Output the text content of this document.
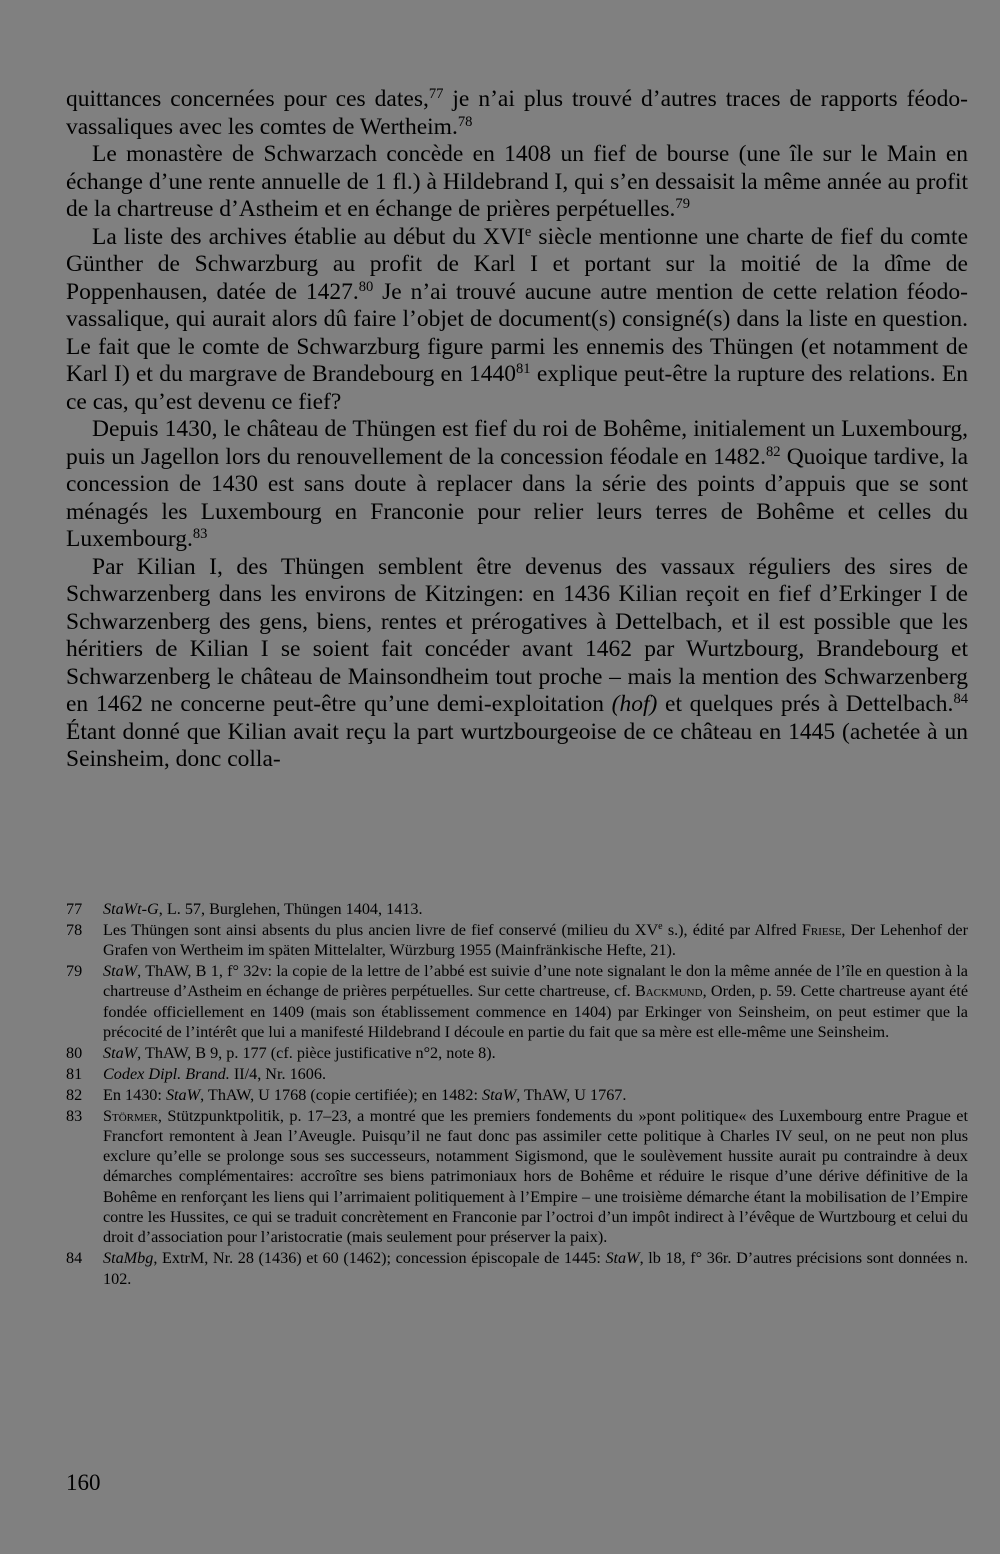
quittances concernées pour ces dates,$^{77}$ je n’ai plus trouvé d’autres traces de rapports féodo-vassaliques avec les comtes de Wertheim.$^{78}$

Le monastère de Schwarzach concède en 1408 un fief de bourse (une île sur le Main en échange d’une rente annuelle de 1 fl.) à Hildebrand I, qui s’en dessaisit la même année au profit de la chartreuse d’Astheim et en échange de prières perpétuelles.$^{79}$

La liste des archives établie au début du XVIe siècle mentionne une charte de fief du comte Günther de Schwarzburg au profit de Karl I et portant sur la moitié de la dîme de Poppenhausen, datée de 1427.80 Je n’ai trouvé aucune autre mention de cette relation féodo-vassalique, qui aurait alors dû faire l’objet de document(s) consigné(s) dans la liste en question. Le fait que le comte de Schwarzburg figure parmi les ennemis des Thüngen (et notamment de Karl I) et du margrave de Brandebourg en 1440$^{81}$ explique peut-être la rupture des relations. En ce cas, qu’est devenu ce fief?

Depuis 1430, le château de Thüngen est fief du roi de Bohême, initialement un Luxembourg, puis un Jagellon lors du renouvellement de la concession féodale en 1482.82 Quoique tardive, la concession de 1430 est sans doute à replacer dans la série des points d’appuis que se sont ménagés les Luxembourg en Franconie pour relier leurs terres de Bohême et celles du Luxembourg.$^{83}$

Par Kilian I, des Thüngen semblent être devenus des vassaux réguliers des sires de Schwarzenberg dans les environs de Kitzingen: en 1436 Kilian reçoit en fief d’Erkinger I de Schwarzenberg des gens, biens, rentes et prérogatives à Dettelbach, et il est possible que les héritiers de Kilian I se soient fait concéder avant 1462 par Wurtzbourg, Brandebourg et Schwarzenberg le château de Mainsondheim tout proche – mais la mention des Schwarzenberg en 1462 ne concerne peut-être qu’une demi-exploitation (hof) et quelques prés à Dettelbach.$^{84}$ Étant donné que Kilian avait reçu la part wurtzbourgeoise de ce château en 1445 (achetée à un Seinsheim, donc colla-

77	StaWt-G, L. 57, Burglehen, Thüngen 1404, 1413.
78	Les Thüngen sont ainsi absents du plus ancien livre de fief conservé (milieu du XVe s.), édité par Alfred Friese, Der Lehenhof der Grafen von Wertheim im späten Mittelalter, Würzburg 1955 (Mainfränkische Hefte, 21).
79	StaW, ThAW, B 1, f° 32v: la copie de la lettre de l’abbé est suivie d’une note signalant le don la même année de l’île en question à la chartreuse d’Astheim en échange de prières perpétuelles. Sur cette chartreuse, cf. Backmund, Orden, p. 59. Cette chartreuse ayant été fondée officiellement en 1409 (mais son établissement commence en 1404) par Erkinger von Seinsheim, on peut estimer que la précocité de l’intérêt que lui a manifesté Hildebrand I découle en partie du fait que sa mère est elle-même une Seinsheim.
80	StaW, ThAW, B 9, p. 177 (cf. pièce justificative n°2, note 8).
81	Codex Dipl. Brand. II/4, Nr. 1606.
82	En 1430: StaW, ThAW, U 1768 (copie certifiée); en 1482: StaW, ThAW, U 1767.
83	Störmer, Stützpunktpolitik, p. 17–23, a montré que les premiers fondements du »pont politique« des Luxembourg entre Prague et Francfort remontent à Jean l’Aveugle. Puisqu’il ne faut donc pas assimiler cette politique à Charles IV seul, on ne peut non plus exclure qu’elle se prolonge sous ses successeurs, notamment Sigismond, que le soulèvement hussite aurait pu contraindre à deux démarches complémentaires: accroître ses biens patrimoniaux hors de Bohême et réduire le risque d’une dérive définitive de la Bohême en renforçant les liens qui l’arrimaient politiquement à l’Empire – une troisième démarche étant la mobilisation de l’Empire contre les Hussites, ce qui se traduit concrètement en Franconie par l’octroi d’un impôt indirect à l’évêque de Wurtzbourg et celui du droit d’association pour l’aristocratie (mais seulement pour préserver la paix).
84	StaMbg, ExtrM, Nr. 28 (1436) et 60 (1462); concession épiscopale de 1445: StaW, lb 18, f° 36r. D’autres précisions sont données n. 102.
160
